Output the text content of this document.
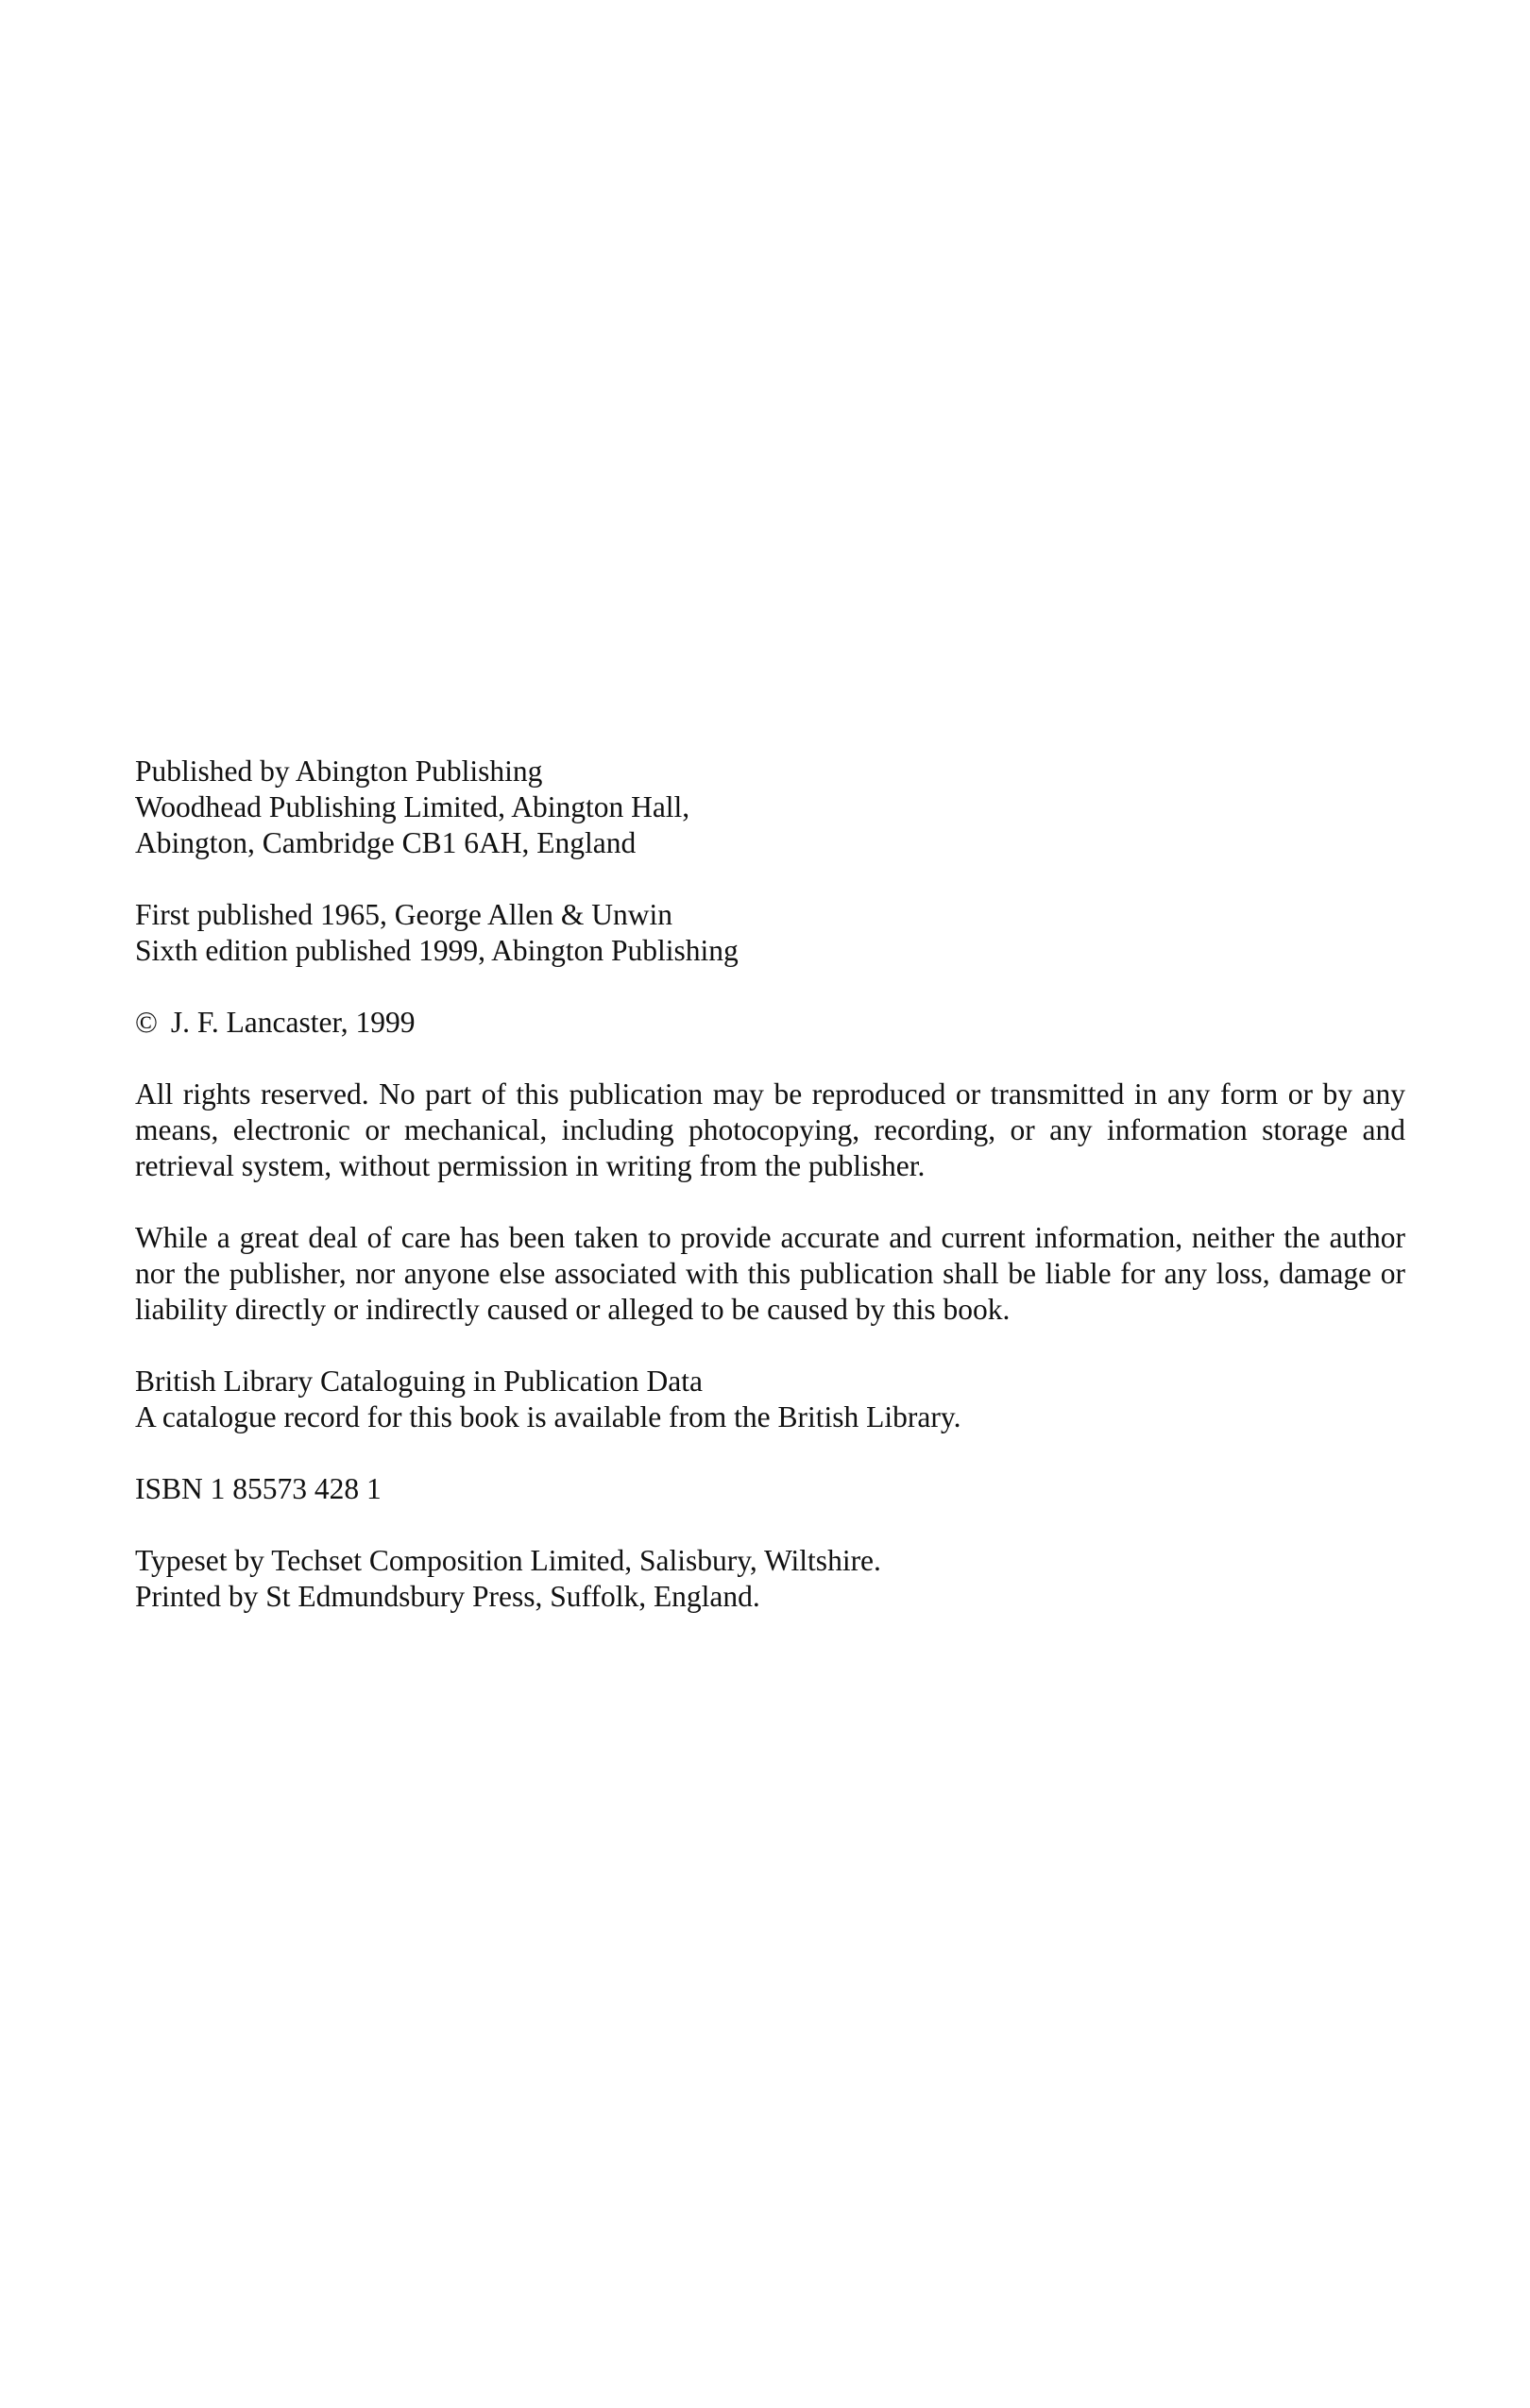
Published by Abington Publishing
Woodhead Publishing Limited, Abington Hall,
Abington, Cambridge CB1 6AH, England
First published 1965, George Allen & Unwin
Sixth edition published 1999, Abington Publishing
© J. F. Lancaster, 1999
All rights reserved. No part of this publication may be reproduced or transmitted in any form or by any means, electronic or mechanical, including photocopying, recording, or any information storage and retrieval system, without permission in writing from the publisher.
While a great deal of care has been taken to provide accurate and current information, neither the author nor the publisher, nor anyone else associated with this publication shall be liable for any loss, damage or liability directly or indirectly caused or alleged to be caused by this book.
British Library Cataloguing in Publication Data
A catalogue record for this book is available from the British Library.
ISBN 1 85573 428 1
Typeset by Techset Composition Limited, Salisbury, Wiltshire.
Printed by St Edmundsbury Press, Suffolk, England.
